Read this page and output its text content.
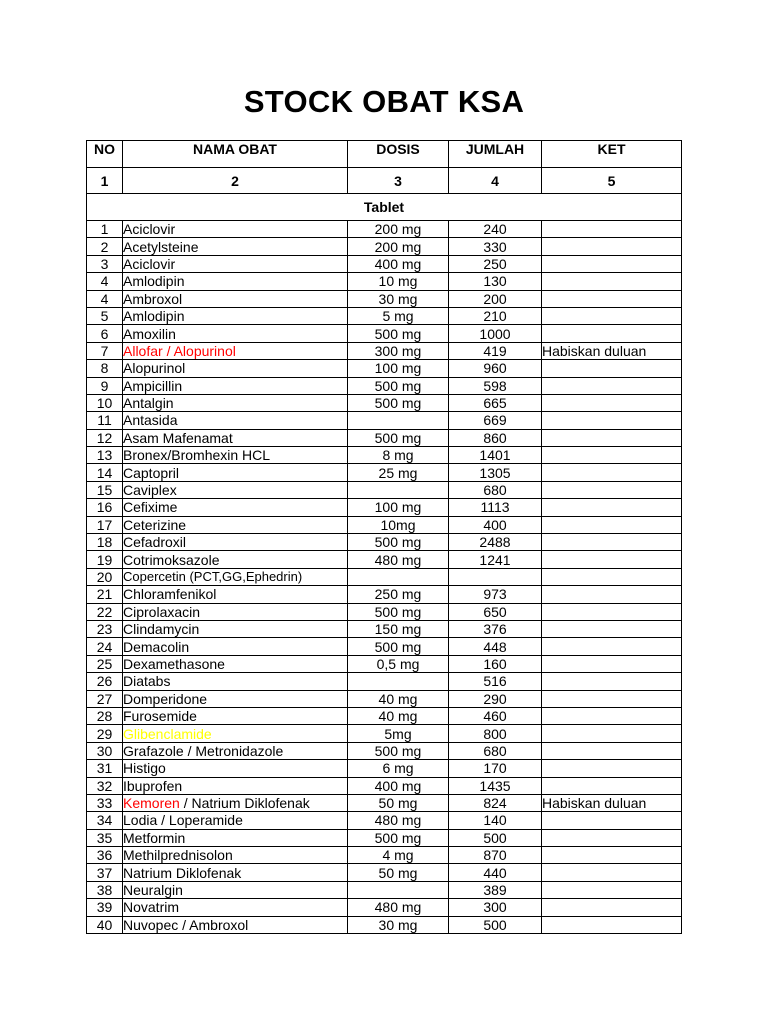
STOCK OBAT KSA
NO	NAMA OBAT	DOSIS	JUMLAH	KET
1	2	3	4	5
Tablet				
1	Aciclovir	200 mg	240	
2	Acetylsteine	200 mg	330	
3	Aciclovir	400 mg	250	
4	Amlodipin	10 mg	130	
4	Ambroxol	30 mg	200	
5	Amlodipin	5 mg	210	
6	Amoxilin	500 mg	1000	
7	Allofar / Alopurinol	300 mg	419	Habiskan duluan
8	Alopurinol	100 mg	960	
9	Ampicillin	500 mg	598	
10	Antalgin	500 mg	665	
11	Antasida		669	
12	Asam Mafenamat	500 mg	860	
13	Bronex/Bromhexin HCL	8 mg	1401	
14	Captopril	25 mg	1305	
15	Caviplex		680	
16	Cefixime	100 mg	1113	
17	Ceterizine	10mg	400	
18	Cefadroxil	500 mg	2488	
19	Cotrimoksazole	480 mg	1241	
20	Copercetin (PCT,GG,Ephedrin)			
21	Chloramfenikol	250 mg	973	
22	Ciprolaxacin	500 mg	650	
23	Clindamycin	150 mg	376	
24	Demacolin	500 mg	448	
25	Dexamethasone	0,5 mg	160	
26	Diatabs		516	
27	Domperidone	40 mg	290	
28	Furosemide	40 mg	460	
29	Glibenclamide	5mg	800	
30	Grafazole / Metronidazole	500 mg	680	
31	Histigo	6 mg	170	
32	Ibuprofen	400 mg	1435	
33	Kemoren / Natrium Diklofenak	50 mg	824	Habiskan duluan
34	Lodia / Loperamide	480 mg	140	
35	Metformin	500 mg	500	
36	Methilprednisolon	4 mg	870	
37	Natrium Diklofenak	50 mg	440	
38	Neuralgin		389	
39	Novatrim	480 mg	300	
40	Nuvopec / Ambroxol	30 mg	500	
